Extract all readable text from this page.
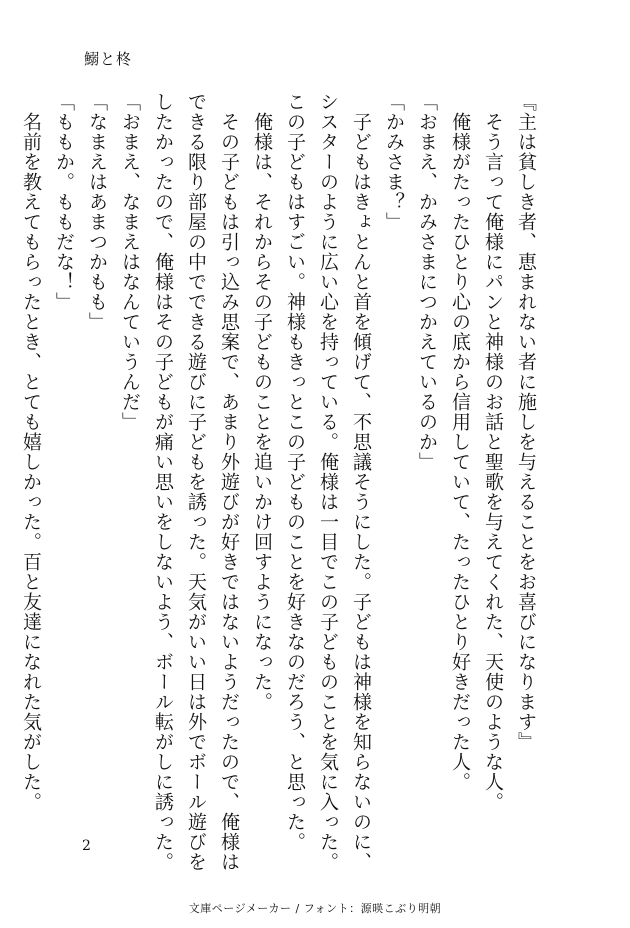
鰯と柊
『主は貧しき者、恵まれない者に施しを与えることをお喜びになります』
　そう言って俺様にパンと神様のお話と聖歌を与えてくれた、天使のような人。
　俺様がたったひとり心の底から信用していて、たったひとり好きだった人。
「おまえ、かみさまにつかえているのか」
「かみさま？」
　子どもはきょとんと首を傾げて、不思議そうにした。子どもは神様を知らないのに、
シスターのように広い心を持っている。俺様は一目でこの子どものことを気に入った。
この子どもはすごい。神様もきっとこの子どものことを好きなのだろう、と思った。
　俺様は、それからその子どものことを追いかけ回すようになった。
　その子どもは引っ込み思案で、あまり外遊びが好きではないようだったので、俺様は
できる限り部屋の中でできる遊びに子どもを誘った。天気がいい日は外でボール遊びを
したかったので、俺様はその子どもが痛い思いをしないよう、ボール転がしに誘った。
「おまえ、なまえはなんていうんだ」
「なまえはあまつかもも」
「ももか。ももだな！」
　名前を教えてもらったとき、とても嬉しかった。百と友達になれた気がした。
2
文庫ページメーカー / フォント：源暎こぶり明朝
